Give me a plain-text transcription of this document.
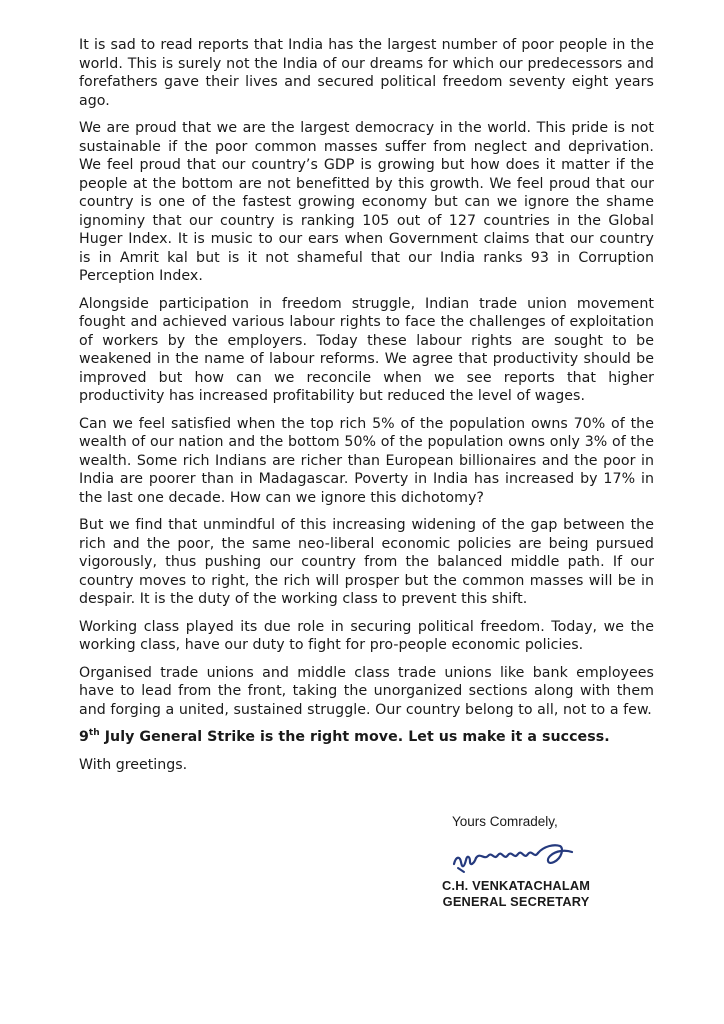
It is sad to read reports that India has the largest number of poor people in the world. This is surely not the India of our dreams for which our predecessors and forefathers gave their lives and secured political freedom seventy eight years ago.

We are proud that we are the largest democracy in the world. This pride is not sustainable if the poor common masses suffer from neglect and deprivation. We feel proud that our country’s GDP is growing but how does it matter if the people at the bottom are not benefitted by this growth. We feel proud that our country is one of the fastest growing economy but can we ignore the shame ignominy that our country is ranking 105 out of 127 countries in the Global Huger Index. It is music to our ears when Government claims that our country is in Amrit kal but is it not shameful that our India ranks 93 in Corruption Perception Index.

Alongside participation in freedom struggle, Indian trade union movement fought and achieved various labour rights to face the challenges of exploitation of workers by the employers. Today these labour rights are sought to be weakened in the name of labour reforms. We agree that productivity should be improved but how can we reconcile when we see reports that higher productivity has increased profitability but reduced the level of wages.

Can we feel satisfied when the top rich 5% of the population owns 70% of the wealth of our nation and the bottom 50% of the population owns only 3% of the wealth. Some rich Indians are richer than European billionaires and the poor in India are poorer than in Madagascar. Poverty in India has increased by 17% in the last one decade. How can we ignore this dichotomy?

But we find that unmindful of this increasing widening of the gap between the rich and the poor, the same neo-liberal economic policies are being pursued vigorously, thus pushing our country from the balanced middle path. If our country moves to right, the rich will prosper but the common masses will be in despair. It is the duty of the working class to prevent this shift.

Working class played its due role in securing political freedom. Today, we the working class, have our duty to fight for pro-people economic policies.

Organised trade unions and middle class trade unions like bank employees have to lead from the front, taking the unorganized sections along with them and forging a united, sustained struggle. Our country belong to all, not to a few.

9th July General Strike is the right move. Let us make it a success.

With greetings.

Yours Comradely,
C.H. VENKATACHALAM
GENERAL SECRETARY
